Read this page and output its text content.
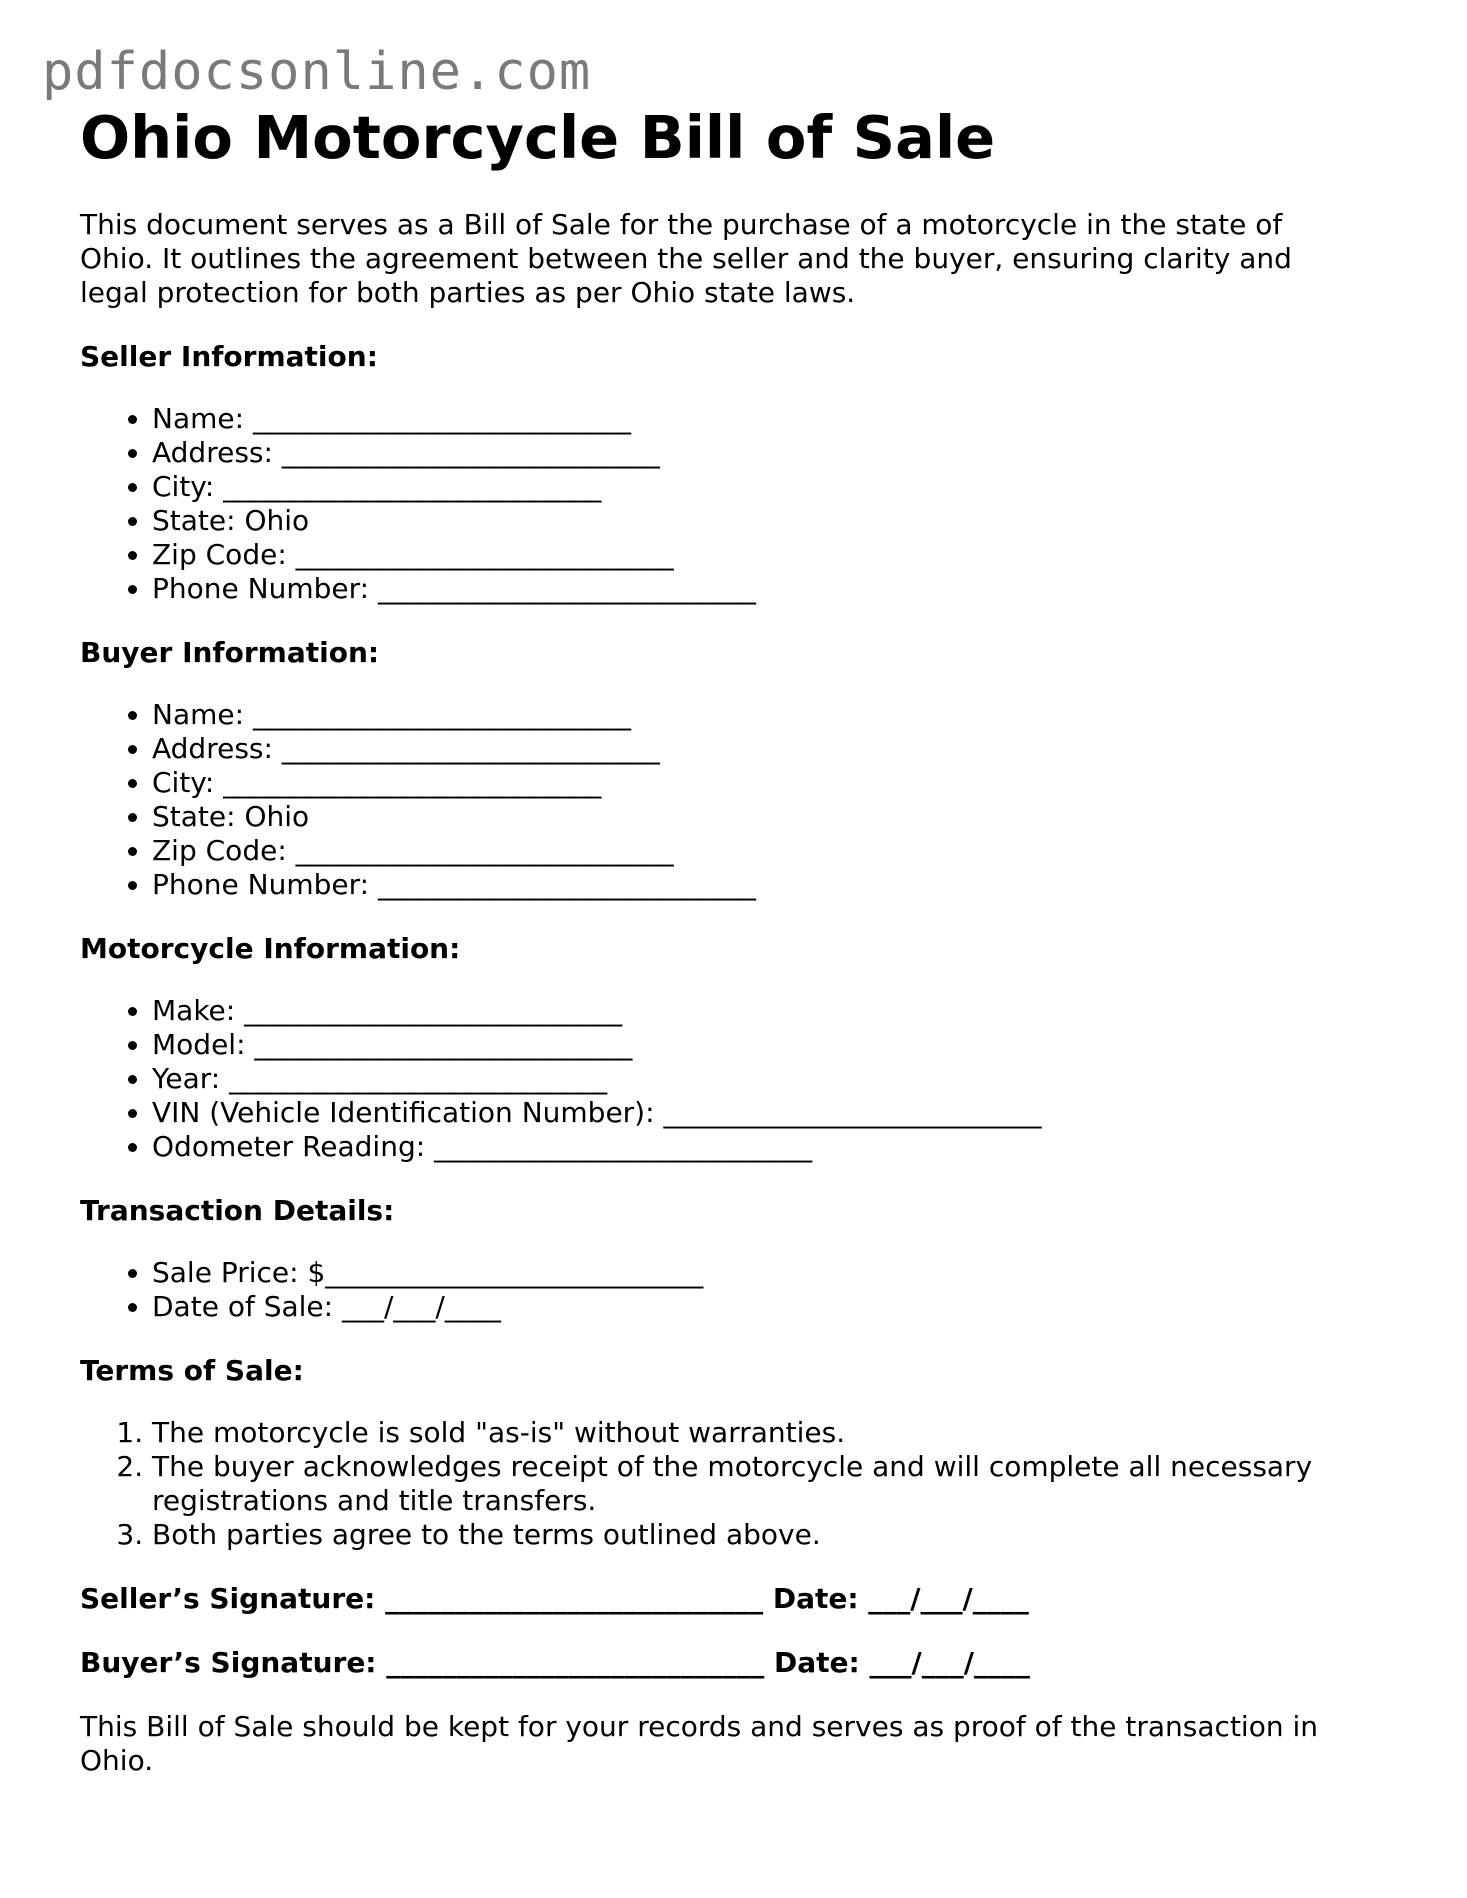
pdfdocsonline.com
Ohio Motorcycle Bill of Sale

This document serves as a Bill of Sale for the purchase of a motorcycle in the state of Ohio. It outlines the agreement between the seller and the buyer, ensuring clarity and legal protection for both parties as per Ohio state laws.

Seller Information:
• Name: ___________________________
• Address: ___________________________
• City: ___________________________
• State: Ohio
• Zip Code: ___________________________
• Phone Number: ___________________________
Buyer Information:
• Name: ___________________________
• Address: ___________________________
• City: ___________________________
• State: Ohio
• Zip Code: ___________________________
• Phone Number: ___________________________
Motorcycle Information:
• Make: ___________________________
• Model: ___________________________
• Year: ___________________________
• VIN (Vehicle Identification Number): ___________________________
• Odometer Reading: ___________________________
Transaction Details:
• Sale Price: $___________________________
• Date of Sale: ___/___/____
Terms of Sale:
1. The motorcycle is sold "as-is" without warranties.
2. The buyer acknowledges receipt of the motorcycle and will complete all necessary registrations and title transfers.
3. Both parties agree to the terms outlined above.
Seller’s Signature: ___________________________ Date: ___/___/____
Buyer’s Signature: ___________________________ Date: ___/___/____

This Bill of Sale should be kept for your records and serves as proof of the transaction in Ohio.
